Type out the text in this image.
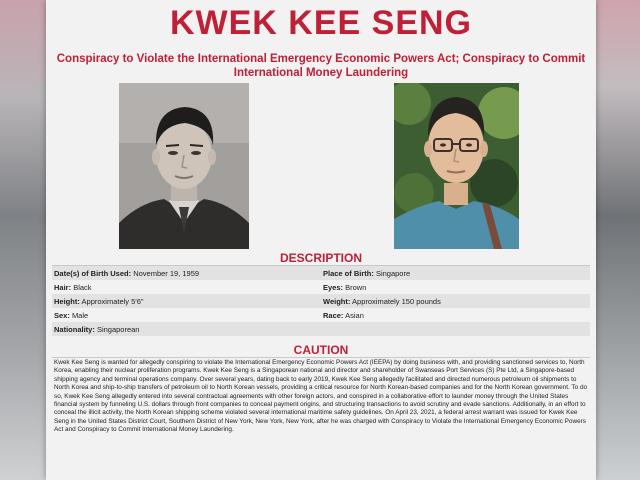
KWEK KEE SENG
Conspiracy to Violate the International Emergency Economic Powers Act; Conspiracy to Commit International Money Laundering
DESCRIPTION
Date(s) of Birth Used: November 19, 1959	Place of Birth: Singapore
Hair: Black	Eyes: Brown
Height: Approximately 5'6"	Weight: Approximately 150 pounds
Sex: Male	Race: Asian
Nationality: Singaporean
CAUTION
Kwek Kee Seng is wanted for allegedly conspiring to violate the International Emergency Economic Powers Act (IEEPA) by doing business with, and providing sanctioned services to, North Korea, enabling their nuclear proliferation programs. Kwek Kee Seng is a Singaporean national and director and shareholder of Swanseas Port Services (S) Pte Ltd, a Singapore-based shipping agency and terminal operations company. Over several years, dating back to early 2019, Kwek Kee Seng allegedly facilitated and directed numerous petroleum oil shipments to North Korea and ship-to-ship transfers of petroleum oil to North Korean vessels, providing a critical resource for North Korean-based companies and for the North Korean government. To do so, Kwek Kee Seng allegedly entered into several contractual agreements with other foreign actors, and conspired in a collaborative effort to launder money through the United States financial system by funneling U.S. dollars through front companies to conceal payment origins, and structuring transactions to avoid scrutiny and evade sanctions. Additionally, in an effort to conceal the illicit activity, the North Korean shipping scheme violated several international maritime safety guidelines. On April 23, 2021, a federal arrest warrant was issued for Kwek Kee Seng in the United States District Court, Southern District of New York, New York, New York, after he was charged with Conspiracy to Violate the International Emergency Economic Powers Act and Conspiracy to Commit International Money Laundering.
